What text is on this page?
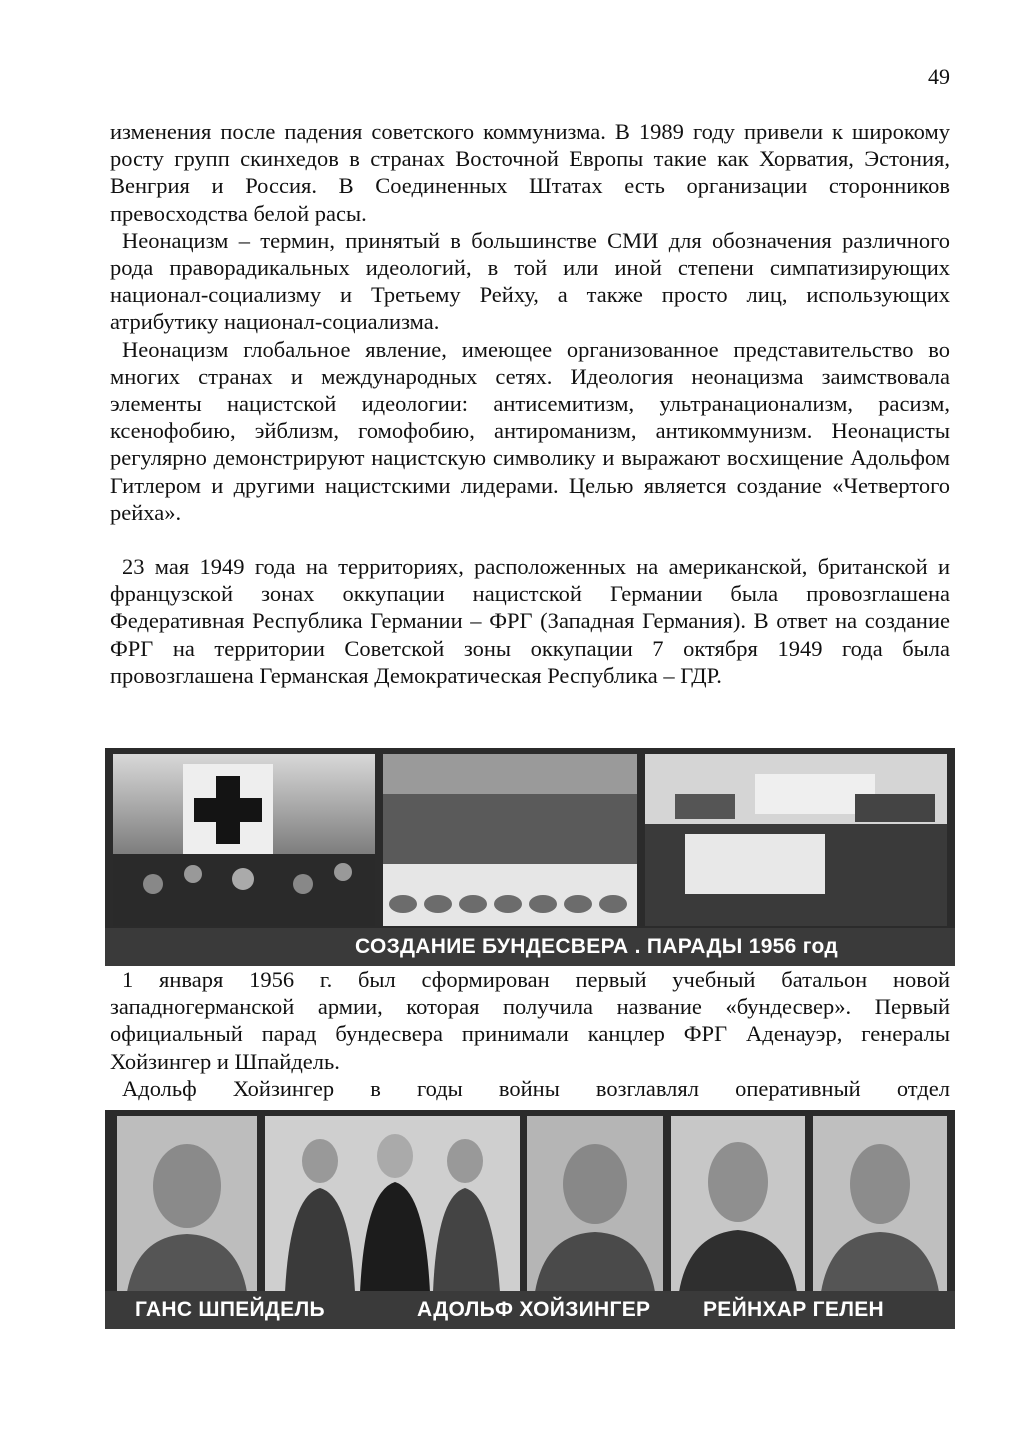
49

изменения после падения советского коммунизма. В 1989 году привели к широкому росту групп скинхедов в странах Восточной Европы такие как Хорватия, Эстония, Венгрия и Россия. В Соединенных Штатах есть организации сторонников превосходства белой расы.

Неонацизм – термин, принятый в большинстве СМИ для обозначения различного рода праворадикальных идеологий, в той или иной степени симпатизирующих национал-социализму и Третьему Рейху, а также просто лиц, использующих атрибутику национал-социализма.

Неонацизм глобальное явление, имеющее организованное представительство во многих странах и международных сетях. Идеология неонацизма заимствовала элементы нацистской идеологии: антисемитизм, ультранационализм, расизм, ксенофобию, эйблизм, гомофобию, антироманизм, антикоммунизм. Неонацисты регулярно демонстрируют нацистскую символику и выражают восхищение Адольфом Гитлером и другими нацистскими лидерами. Целью является создание «Четвертого рейха».

23 мая 1949 года на территориях, расположенных на американской, британской и французской зонах оккупации нацистской Германии была провозглашена Федеративная Республика Германии – ФРГ (Западная Германия). В ответ на создание ФРГ на территории Советской зоны оккупации 7 октября 1949 года была провозглашена Германская Демократическая Республика – ГДР.

СОЗДАНИЕ БУНДЕСВЕРА . ПАРАДЫ 1956 год

1 января 1956 г. был сформирован первый учебный батальон новой западногерманской армии, которая получила название «бундесвер». Первый официальный парад бундесвера принимали канцлер ФРГ Аденауэр, генералы Хойзингер и Шпайдель.

Адольф Хойзингер в годы войны возглавлял оперативный отдел

ГАНС ШПЕЙДЕЛЬ	АДОЛЬФ ХОЙЗИНГЕР	РЕЙНХАР ГЕЛЕН
